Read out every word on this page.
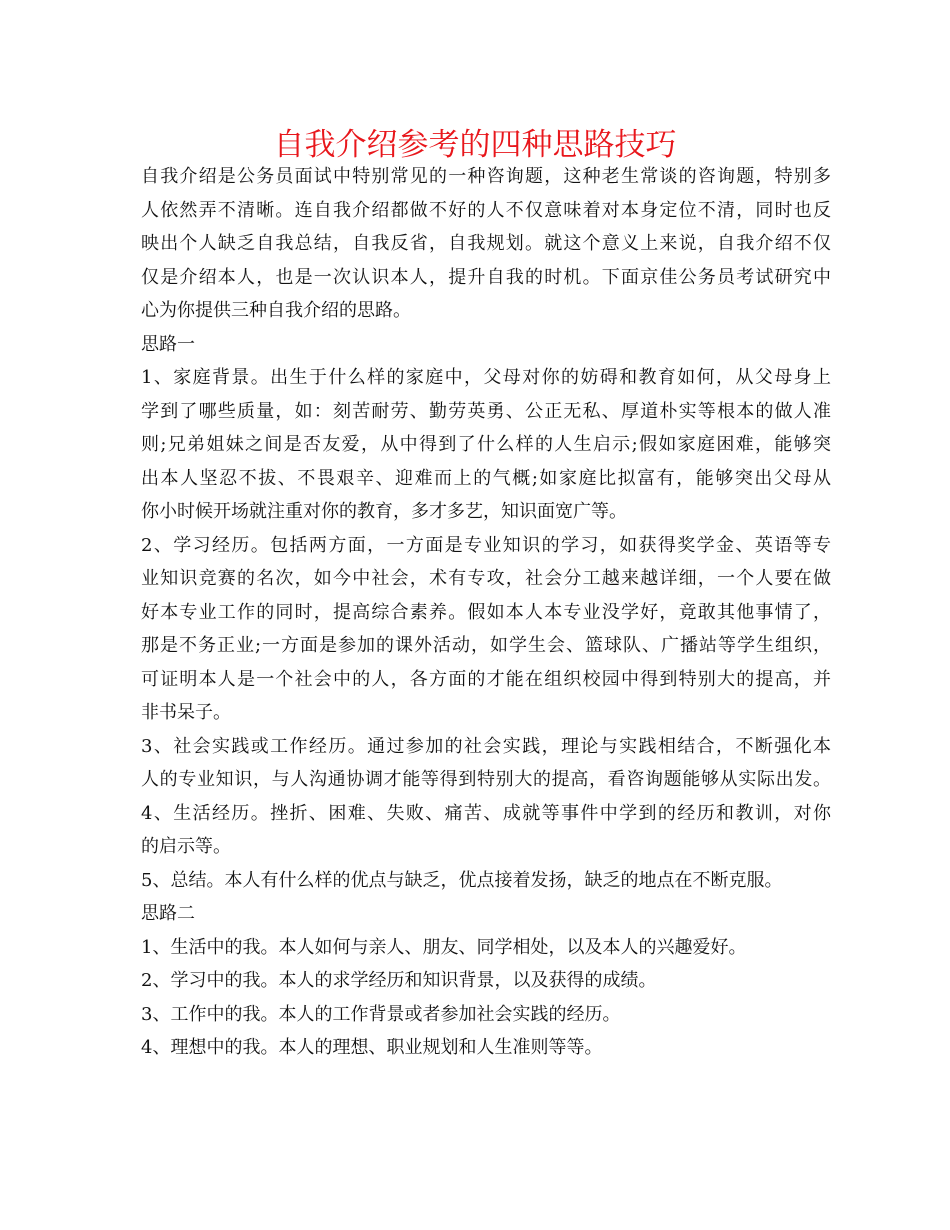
自我介绍参考的四种思路技巧
自我介绍是公务员面试中特别常见的一种咨询题，这种老生常谈的咨询题，特别多
人依然弄不清晰。连自我介绍都做不好的人不仅意味着对本身定位不清，同时也反
映出个人缺乏自我总结，自我反省，自我规划。就这个意义上来说，自我介绍不仅
仅是介绍本人，也是一次认识本人，提升自我的时机。下面京佳公务员考试研究中
心为你提供三种自我介绍的思路。
思路一
1、家庭背景。出生于什么样的家庭中，父母对你的妨碍和教育如何，从父母身上
学到了哪些质量，如：刻苦耐劳、勤劳英勇、公正无私、厚道朴实等根本的做人准
则;兄弟姐妹之间是否友爱，从中得到了什么样的人生启示;假如家庭困难，能够突
出本人坚忍不拔、不畏艰辛、迎难而上的气概;如家庭比拟富有，能够突出父母从
你小时候开场就注重对你的教育，多才多艺，知识面宽广等。
2、学习经历。包括两方面，一方面是专业知识的学习，如获得奖学金、英语等专
业知识竞赛的名次，如今中社会，术有专攻，社会分工越来越详细，一个人要在做
好本专业工作的同时，提高综合素养。假如本人本专业没学好，竟敢其他事情了，
那是不务正业;一方面是参加的课外活动，如学生会、篮球队、广播站等学生组织，
可证明本人是一个社会中的人，各方面的才能在组织校园中得到特别大的提高，并
非书呆子。
3、社会实践或工作经历。通过参加的社会实践，理论与实践相结合，不断强化本
人的专业知识，与人沟通协调才能等得到特别大的提高，看咨询题能够从实际出发。
4、生活经历。挫折、困难、失败、痛苦、成就等事件中学到的经历和教训，对你
的启示等。
5、总结。本人有什么样的优点与缺乏，优点接着发扬，缺乏的地点在不断克服。
思路二
1、生活中的我。本人如何与亲人、朋友、同学相处，以及本人的兴趣爱好。
2、学习中的我。本人的求学经历和知识背景，以及获得的成绩。
3、工作中的我。本人的工作背景或者参加社会实践的经历。
4、理想中的我。本人的理想、职业规划和人生准则等等。
